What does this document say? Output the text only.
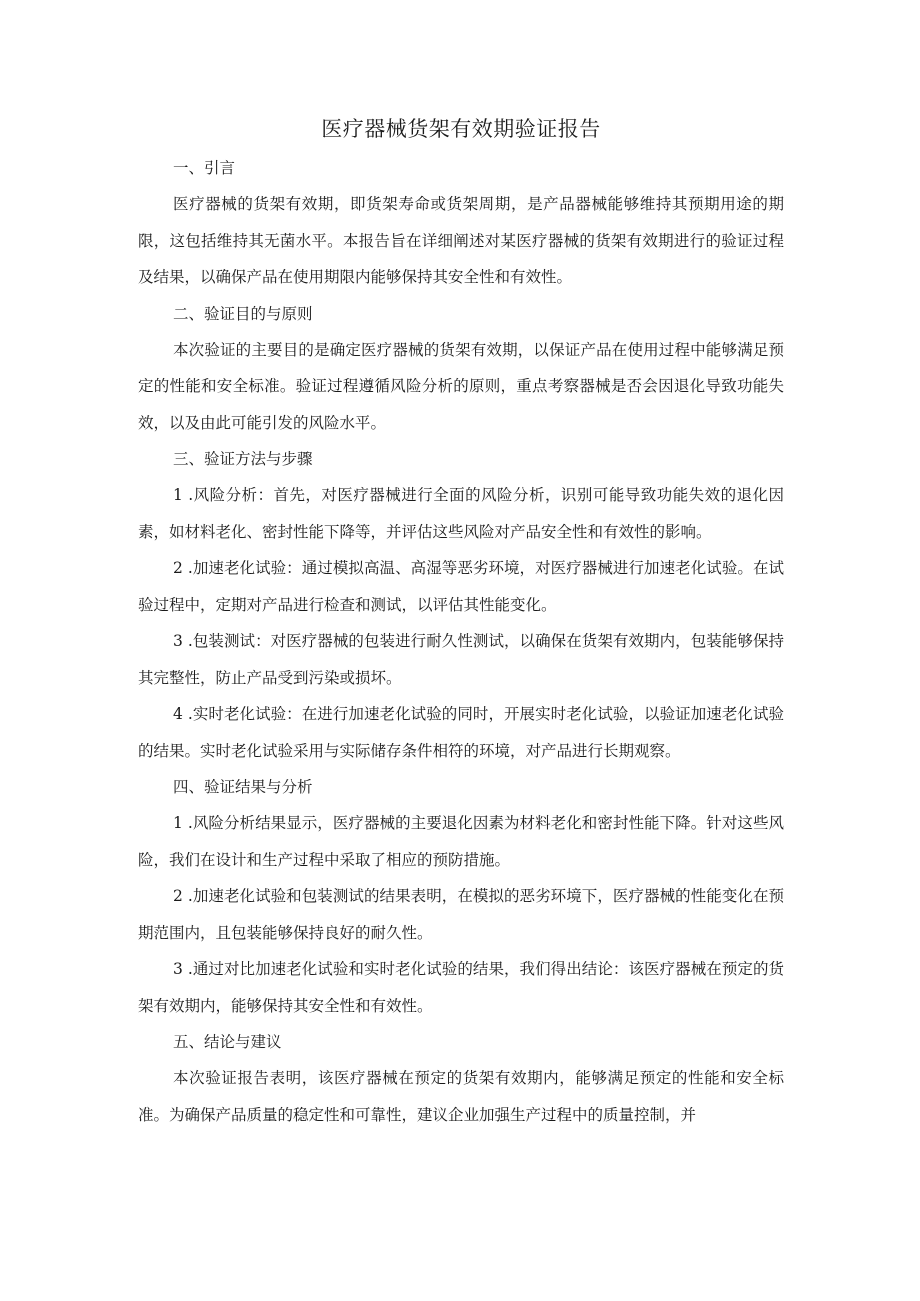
医疗器械货架有效期验证报告

一、引言

医疗器械的货架有效期，即货架寿命或货架周期，是产品器械能够维持其预期用途的期限，这包括维持其无菌水平。本报告旨在详细阐述对某医疗器械的货架有效期进行的验证过程及结果，以确保产品在使用期限内能够保持其安全性和有效性。

二、验证目的与原则

本次验证的主要目的是确定医疗器械的货架有效期，以保证产品在使用过程中能够满足预定的性能和安全标准。验证过程遵循风险分析的原则，重点考察器械是否会因退化导致功能失效，以及由此可能引发的风险水平。

三、验证方法与步骤

1 .风险分析：首先，对医疗器械进行全面的风险分析，识别可能导致功能失效的退化因素，如材料老化、密封性能下降等，并评估这些风险对产品安全性和有效性的影响。

2 .加速老化试验：通过模拟高温、高湿等恶劣环境，对医疗器械进行加速老化试验。在试验过程中，定期对产品进行检查和测试，以评估其性能变化。

3 .包装测试：对医疗器械的包装进行耐久性测试，以确保在货架有效期内，包装能够保持其完整性，防止产品受到污染或损坏。

4 .实时老化试验：在进行加速老化试验的同时，开展实时老化试验，以验证加速老化试验的结果。实时老化试验采用与实际储存条件相符的环境，对产品进行长期观察。

四、验证结果与分析

1 .风险分析结果显示，医疗器械的主要退化因素为材料老化和密封性能下降。针对这些风险，我们在设计和生产过程中采取了相应的预防措施。

2 .加速老化试验和包装测试的结果表明，在模拟的恶劣环境下，医疗器械的性能变化在预期范围内，且包装能够保持良好的耐久性。

3 .通过对比加速老化试验和实时老化试验的结果，我们得出结论：该医疗器械在预定的货架有效期内，能够保持其安全性和有效性。

五、结论与建议

本次验证报告表明，该医疗器械在预定的货架有效期内，能够满足预定的性能和安全标准。为确保产品质量的稳定性和可靠性，建议企业加强生产过程中的质量控制，并
